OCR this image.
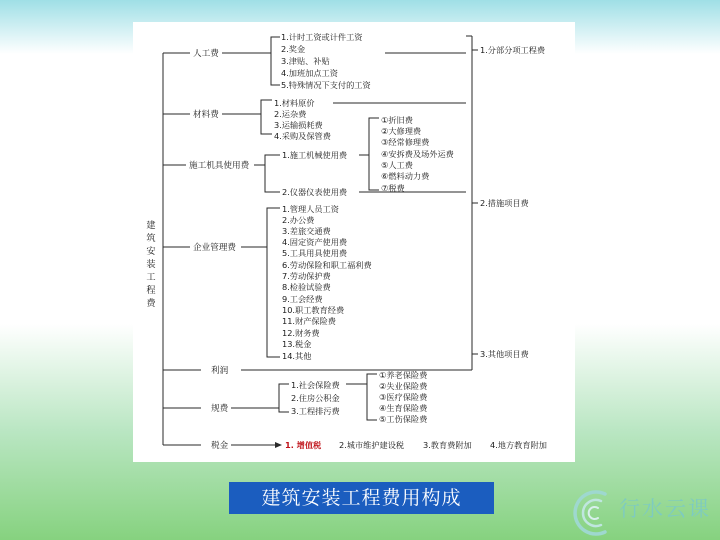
建筑安装工程费
人工费
材料费
施工机具使用费
企业管理费
利润
规费
税金
1.计时工资或计件工资
2.奖金
3.津贴、补贴
4.加班加点工资
5.特殊情况下支付的工资
1.材料原价
2.运杂费
3.运输损耗费
4.采购及保管费
1.施工机械使用费
2.仪器仪表使用费
①折旧费
②大修理费
③经常修理费
④安拆费及场外运费
⑤人工费
⑥燃料动力费
⑦税费
1.管理人员工资
2.办公费
3.差旅交通费
4.固定资产使用费
5.工具用具使用费
6.劳动保险和职工福利费
7.劳动保护费
8.检验试验费
9.工会经费
10.职工教育经费
11.财产保险费
12.财务费
13.税金
14.其他
1.社会保险费
2.住房公积金
3.工程排污费
①养老保险费
②失业保险费
③医疗保险费
④生育保险费
⑤工伤保险费
1. 增值税 2.城市维护建设税 3.教育费附加 4.地方教育附加
1.分部分项工程费
2.措施项目费
3.其他项目费
建筑安装工程费用构成	行水云课
